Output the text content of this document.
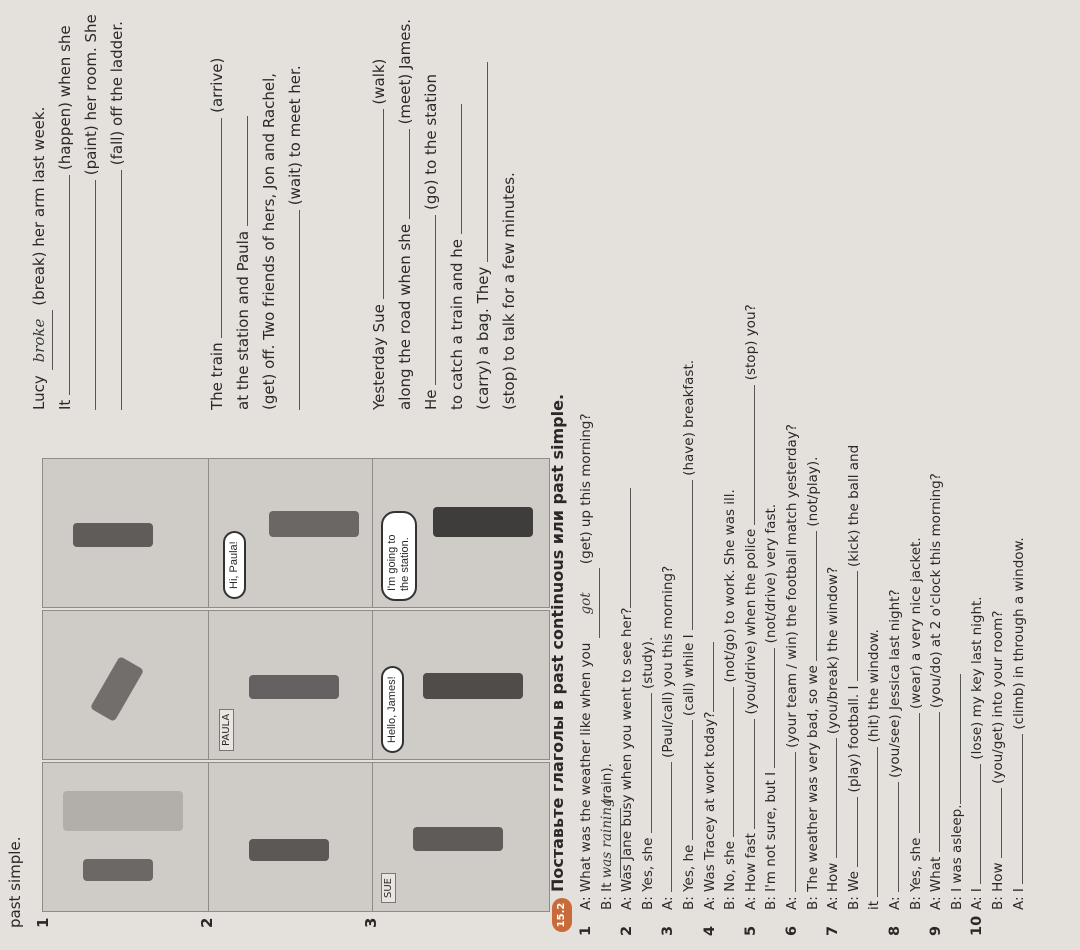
past simple. 1
Lucy broke (break) her arm last week.
It  (happen) when she (paint) her room. She (fall) off the ladder.
2
PAULA
Hi, Paula!
The train  (arrive)
at the station and Paula (get) off. Two friends of hers, Jon and Rachel, (wait) to meet her.
3
SUE
Hello, James!
I'm going to the station.
Yesterday Sue  (walk)
along the road when she  (meet) James.
He  (go) to the station
to catch a train and he (carry) a bag. They (stop) to talk for a few minutes.
15.2
Поставьте глаголы в past continuous или past simple.
1
A: What was the weather like when you got (get) up this morning?
B: It was raining (rain).
2
A: Was Jane busy when you went to see her? B: Yes, she  (study).
3
A:  (Paul/call) you this morning?
B: Yes, he  (call) while I  (have) breakfast.
4
A: Was Tracey at work today? B: No, she  (not/go) to work. She was ill.
5
A: How fast  (you/drive) when the police  (stop) you?
B: I'm not sure, but I  (not/drive) very fast.
6
A:  (your team / win) the football match yesterday?
B: The weather was very bad, so we  (not/play).
7
A: How  (you/break) the window?
B: We  (play) football. I  (kick) the ball and
it  (hit) the window.
8
A:  (you/see) Jessica last night?
B: Yes, she  (wear) a very nice jacket.
9
A: What  (you/do) at 2 o'clock this morning?
B: I was asleep.
10
A: I  (lose) my key last night.
B: How  (you/get) into your room?
A: I  (climb) in through a window.
